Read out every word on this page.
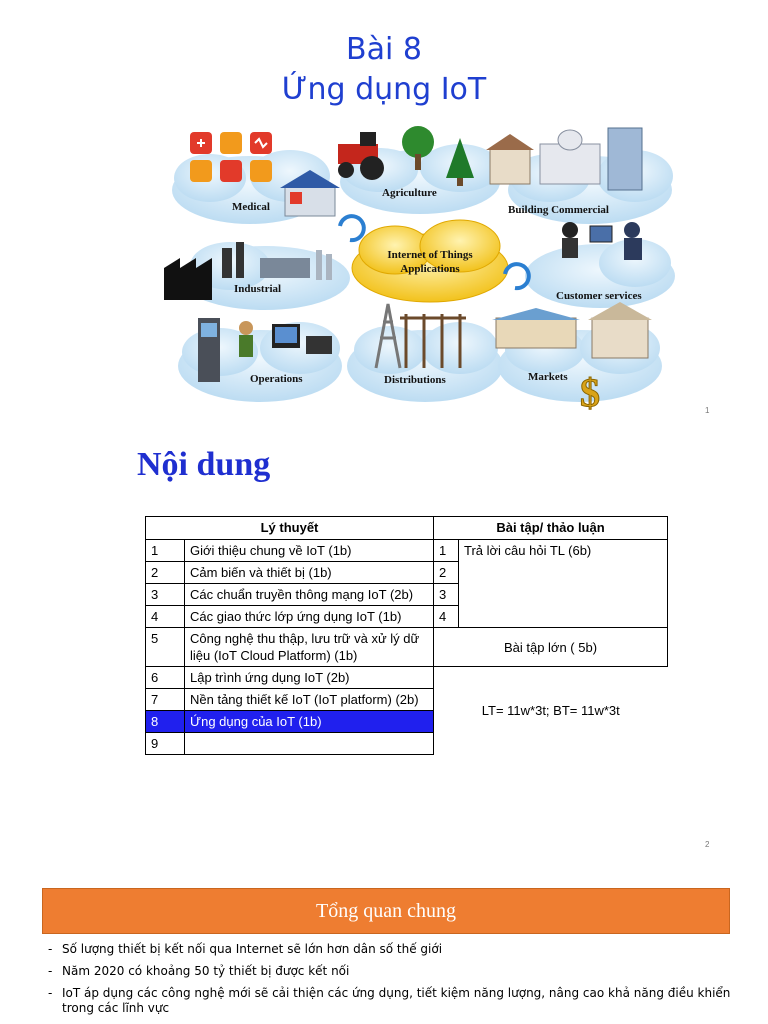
Bài 8
Ứng dụng IoT
Medical
Agriculture
Building Commercial
Industrial
Internet of Things
Applications
Customer services
Operations	Distributions	$
Markets
1
Nội dung
Lý thuyết		Bài tập/ thảo luận	
1	Giới thiệu chung về IoT (1b)	1	Trả lời câu hỏi TL (6b)
2	Cảm biến và thiết bị (1b)	2	
3	Các chuẩn truyền thông mạng IoT (2b)	3	
4	Các giao thức lớp ứng dụng IoT (1b)	4	
5	Công nghệ thu thập, lưu trữ và xử lý dữ liệu (IoT Cloud Platform) (1b)	Bài tập lớn ( 5b)	
6	Lập trình ứng dụng IoT (2b)	LT= 11w*3t; BT= 11w*3t	
7	Nền tảng thiết kế IoT (IoT platform) (2b)		
8	Ứng dụng của IoT (1b)		
9			
2
Tổng quan chung
- Số lượng thiết bị kết nối qua Internet sẽ lớn hơn dân số thế giới
- Năm 2020 có khoảng 50 tỷ thiết bị được kết nối
- IoT áp dụng các công nghệ mới sẽ cải thiện các ứng dụng, tiết kiệm năng lượng, nâng cao khả năng điều khiển trong các lĩnh vực
